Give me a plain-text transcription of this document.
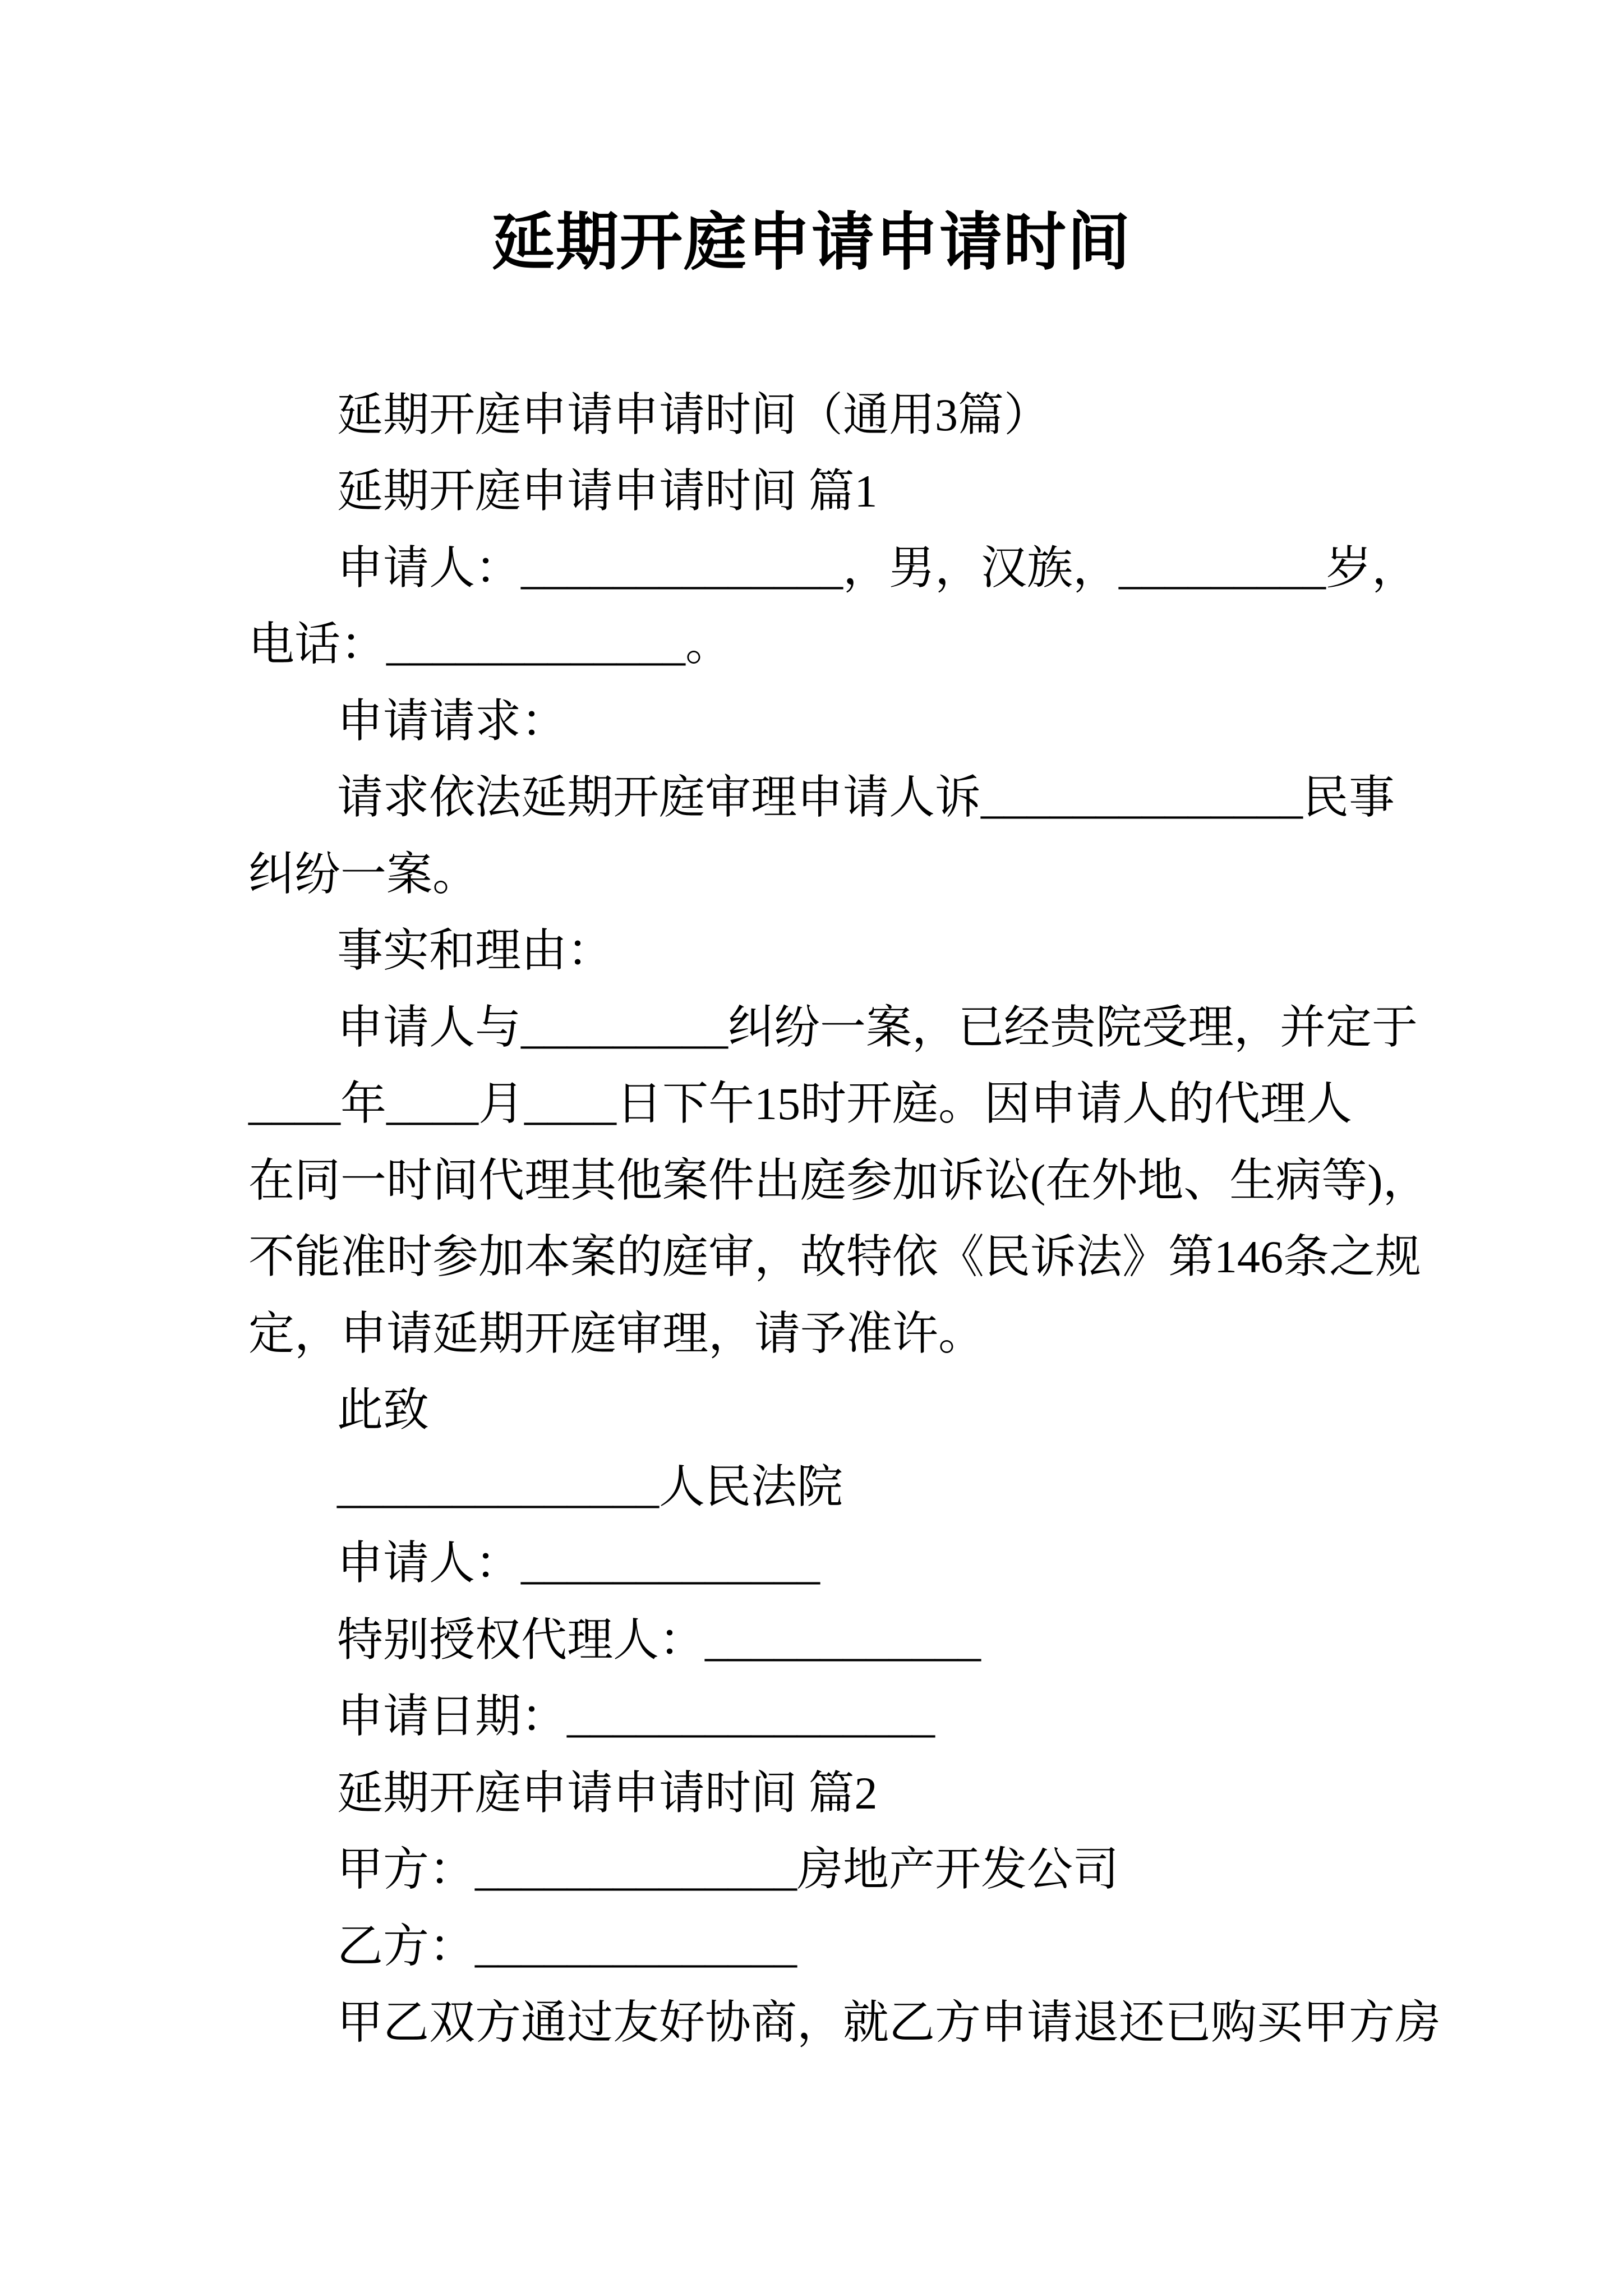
延期开庭申请申请时间
延期开庭申请申请时间（通用3篇）
延期开庭申请申请时间 篇1
申请人：______________，男，汉族，_________岁，
电话：_____________。
申请请求：
请求依法延期开庭审理申请人诉______________民事
纠纷一案。
事实和理由：
申请人与_________纠纷一案，已经贵院受理，并定于
____年____月____日下午15时开庭。因申请人的代理人
在同一时间代理其他案件出庭参加诉讼(在外地、生病等)，
不能准时参加本案的庭审，故特依《民诉法》第146条之规
定，申请延期开庭审理，请予准许。
此致
______________人民法院
申请人：_____________
特别授权代理人：____________
申请日期：________________
延期开庭申请申请时间 篇2
甲方：______________房地产开发公司
乙方：______________
甲乙双方通过友好协商，就乙方申请退还已购买甲方房
